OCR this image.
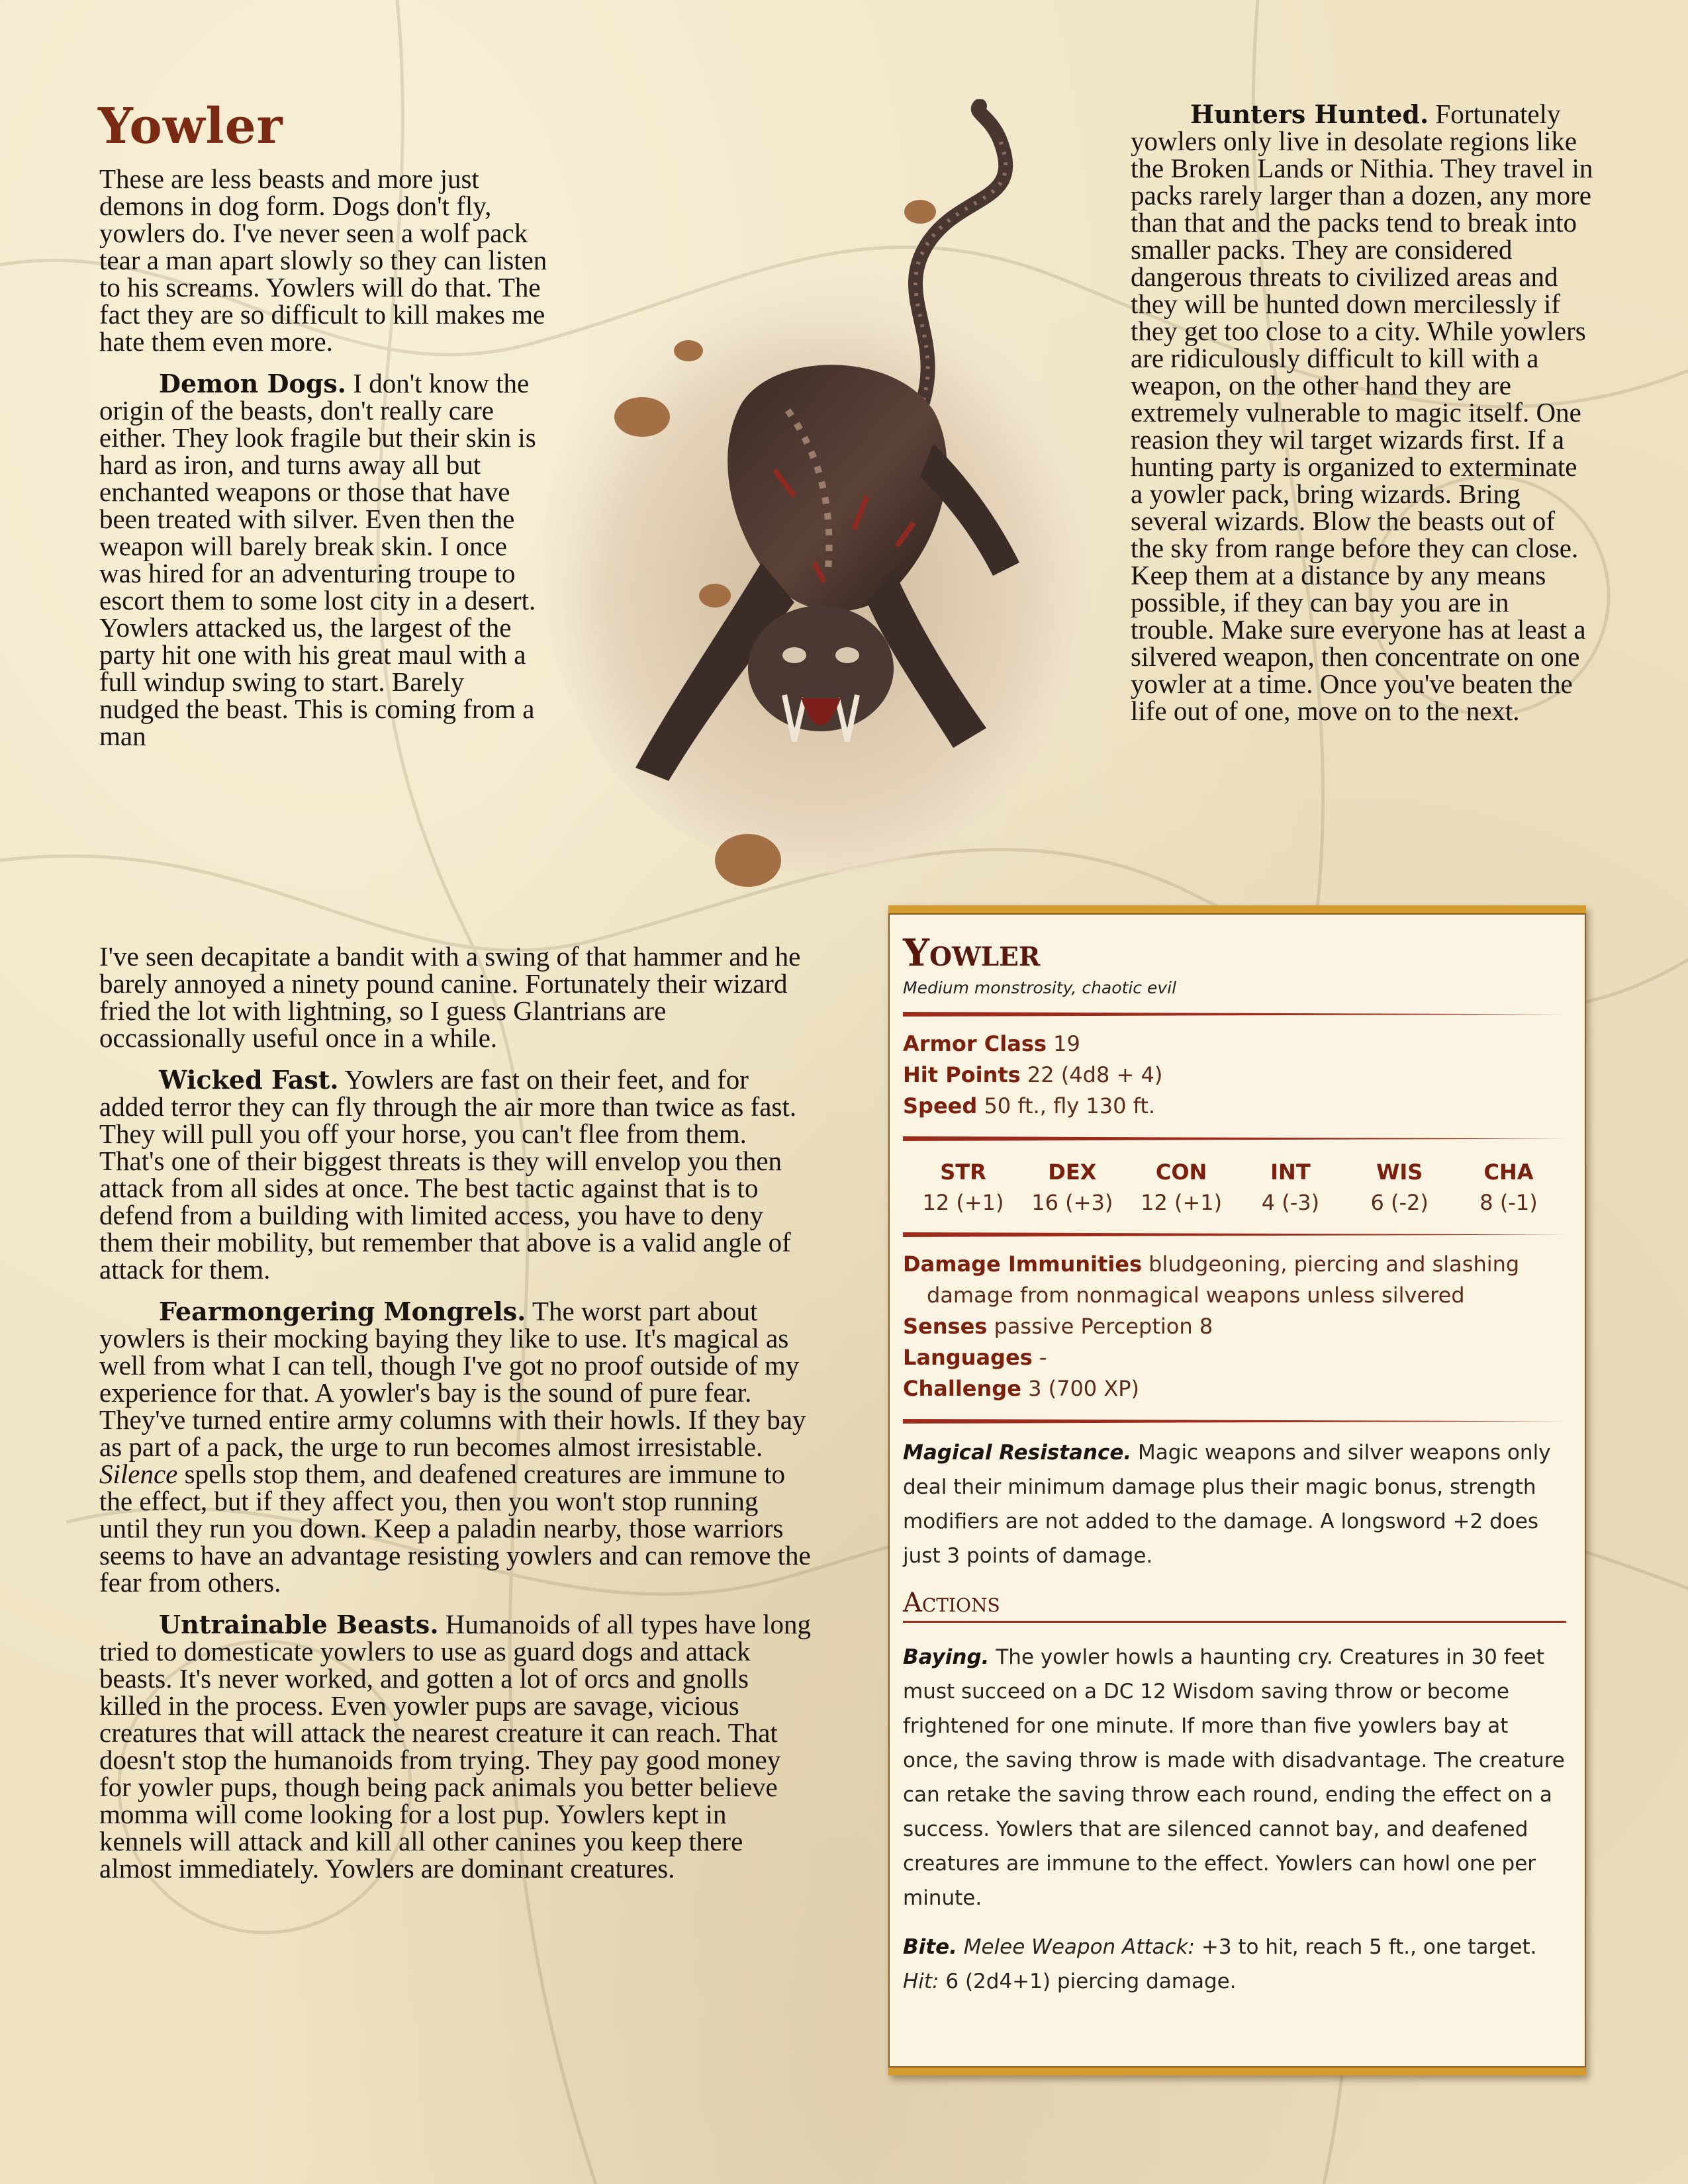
Yowler

These are less beasts and more just demons in dog form. Dogs don't fly, yowlers do. I've never seen a wolf pack tear a man apart slowly so they can listen to his screams. Yowlers will do that. The fact they are so difficult to kill makes me hate them even more.

Demon Dogs. I don't know the origin of the beasts, don't really care either. They look fragile but their skin is hard as iron, and turns away all but enchanted weapons or those that have been treated with silver. Even then the weapon will barely break skin. I once was hired for an adventuring troupe to escort them to some lost city in a desert. Yowlers attacked us, the largest of the party hit one with his great maul with a full windup swing to start. Barely nudged the beast. This is coming from a man

I've seen decapitate a bandit with a swing of that hammer and he barely annoyed a ninety pound canine. Fortunately their wizard fried the lot with lightning, so I guess Glantrians are occassionally useful once in a while.

Wicked Fast. Yowlers are fast on their feet, and for added terror they can fly through the air more than twice as fast. They will pull you off your horse, you can't flee from them. That's one of their biggest threats is they will envelop you then attack from all sides at once. The best tactic against that is to defend from a building with limited access, you have to deny them their mobility, but remember that above is a valid angle of attack for them.

Fearmongering Mongrels. The worst part about yowlers is their mocking baying they like to use. It's magical as well from what I can tell, though I've got no proof outside of my experience for that. A yowler's bay is the sound of pure fear. They've turned entire army columns with their howls. If they bay as part of a pack, the urge to run becomes almost irresistable. Silence spells stop them, and deafened creatures are immune to the effect, but if they affect you, then you won't stop running until they run you down. Keep a paladin nearby, those warriors seems to have an advantage resisting yowlers and can remove the fear from others.

Untrainable Beasts. Humanoids of all types have long tried to domesticate yowlers to use as guard dogs and attack beasts. It's never worked, and gotten a lot of orcs and gnolls killed in the process. Even yowler pups are savage, vicious creatures that will attack the nearest creature it can reach. That doesn't stop the humanoids from trying. They pay good money for yowler pups, though being pack animals you better believe momma will come looking for a lost pup. Yowlers kept in kennels will attack and kill all other canines you keep there almost immediately. Yowlers are dominant creatures.

Hunters Hunted. Fortunately yowlers only live in desolate regions like the Broken Lands or Nithia. They travel in packs rarely larger than a dozen, any more than that and the packs tend to break into smaller packs. They are considered dangerous threats to civilized areas and they will be hunted down mercilessly if they get too close to a city. While yowlers are ridiculously difficult to kill with a weapon, on the other hand they are extremely vulnerable to magic itself. One reasion they wil target wizards first. If a hunting party is organized to exterminate a yowler pack, bring wizards. Bring several wizards. Blow the beasts out of the sky from range before they can close. Keep them at a distance by any means possible, if they can bay you are in trouble. Make sure everyone has at least a silvered weapon, then concentrate on one yowler at a time. Once you've beaten the life out of one, move on to the next.

Yowler
Medium monstrosity, chaotic evil
Armor Class 19
Hit Points 22 (4d8 + 4)
Speed 50 ft., fly 130 ft.
STR
12 (+1)
DEX
16 (+3)
CON
12 (+1)
INT
4 (-3)
WIS
6 (-2)
CHA
8 (-1)
Damage Immunities bludgeoning, piercing and slashing damage from nonmagical weapons unless silvered
Senses passive Perception 8
Languages -
Challenge 3 (700 XP)

Magical Resistance. Magic weapons and silver weapons only deal their minimum damage plus their magic bonus, strength modifiers are not added to the damage. A longsword +2 does just 3 points of damage.

Actions

Baying. The yowler howls a haunting cry. Creatures in 30 feet must succeed on a DC 12 Wisdom saving throw or become frightened for one minute. If more than five yowlers bay at once, the saving throw is made with disadvantage. The creature can retake the saving throw each round, ending the effect on a success. Yowlers that are silenced cannot bay, and deafened creatures are immune to the effect. Yowlers can howl one per minute.

Bite. Melee Weapon Attack: +3 to hit, reach 5 ft., one target. Hit: 6 (2d4+1) piercing damage.
